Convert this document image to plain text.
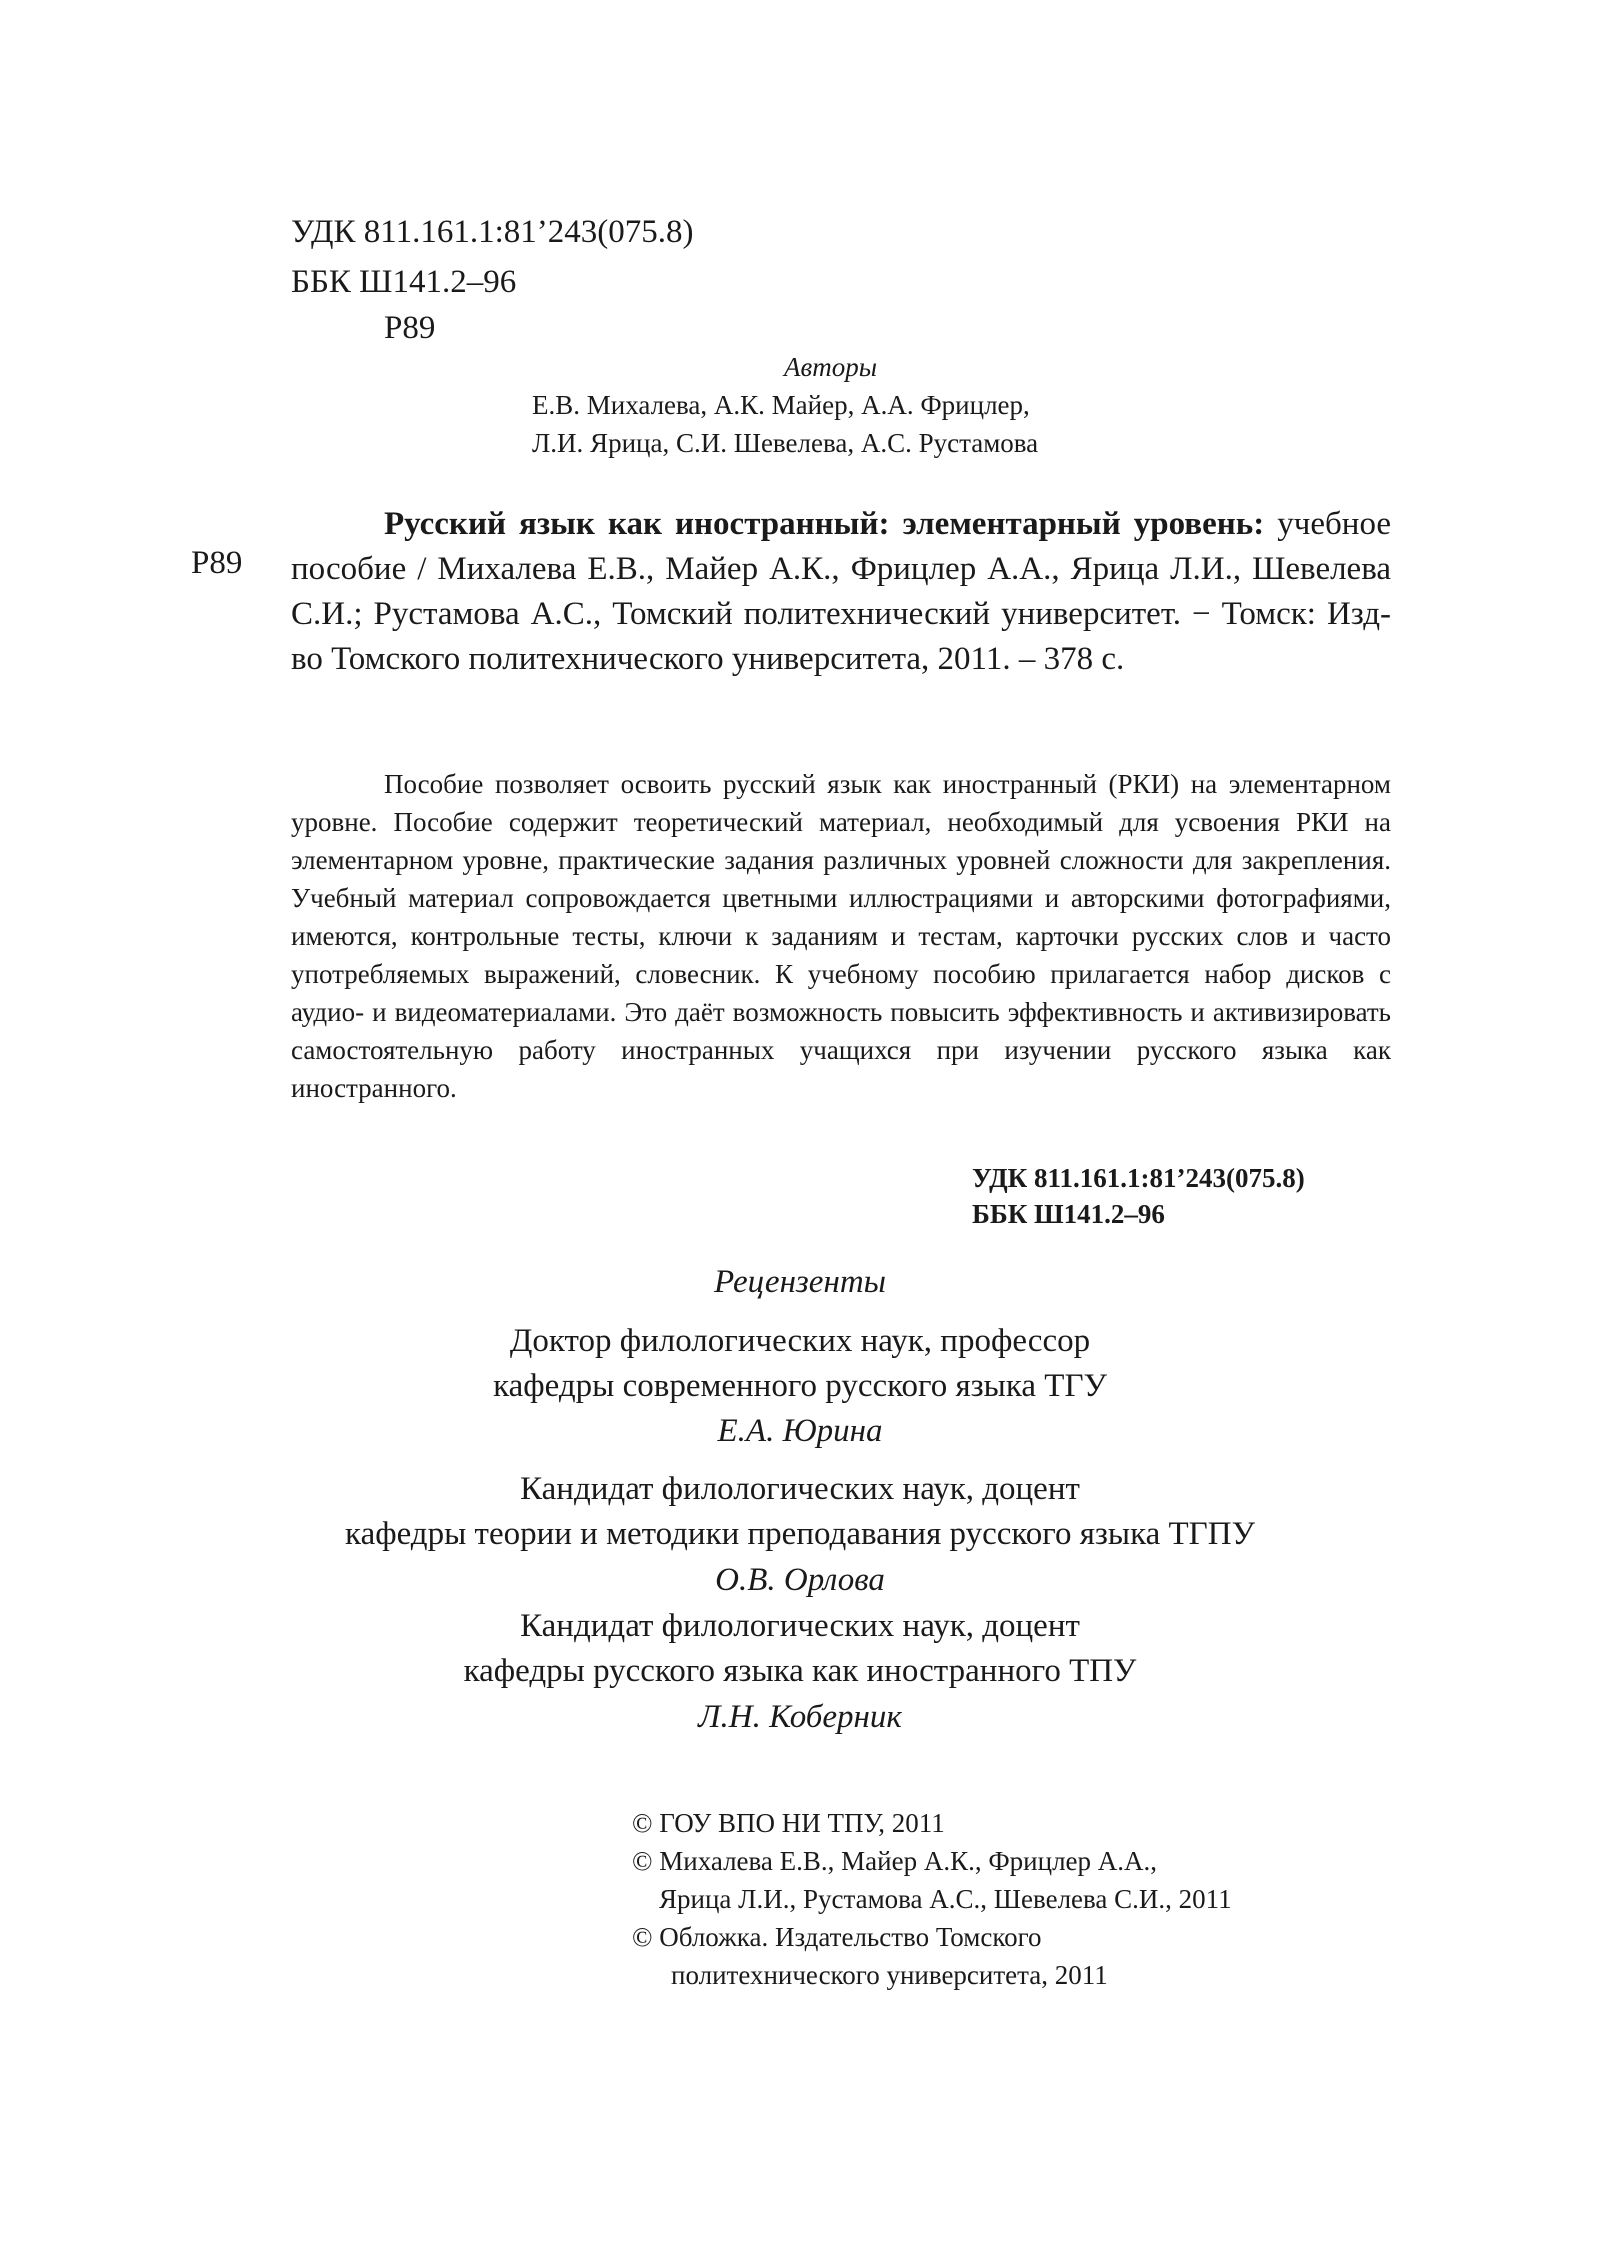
УДК 811.161.1:81’243(075.8)
ББК Ш141.2–96
Р89
Авторы
Е.В. Михалева, А.К. Майер, А.А. Фрицлер,
Л.И. Ярица, С.И. Шевелева, А.С. Рустамова
Р89
Русский язык как иностранный: элементарный уровень: учебное пособие / Михалева Е.В., Майер А.К., Фрицлер А.А., Ярица Л.И., Шевелева С.И.; Рустамова А.С., Томский политехнический университет. − Томск: Изд-во Томского политехнического университета, 2011. – 378 с.
Пособие позволяет освоить русский язык как иностранный (РКИ) на элементарном уровне. Пособие содержит теоретический материал, необходимый для усвоения РКИ на элементарном уровне, практические задания различных уровней сложности для закрепления. Учебный материал сопровождается цветными иллюстрациями и авторскими фотографиями, имеются, контрольные тесты, ключи к заданиям и тестам, карточки русских слов и часто употребляемых выражений, словесник. К учебному пособию прилагается набор дисков с аудио- и видеоматериалами. Это даёт возможность повысить эффективность и активизировать самостоятельную работу иностранных учащихся при изучении русского языка как иностранного.
УДК 811.161.1:81’243(075.8)
ББК Ш141.2–96
Рецензенты
Доктор филологических наук, профессор
кафедры современного русского языка ТГУ
Е.А. Юрина
Кандидат филологических наук, доцент
кафедры теории и методики преподавания русского языка ТГПУ
О.В. Орлова
Кандидат филологических наук, доцент
кафедры русского языка как иностранного ТПУ
Л.Н. Коберник
© ГОУ ВПО НИ ТПУ, 2011
© Михалева Е.В., Майер А.К., Фрицлер А.А.,
Ярица Л.И., Рустамова А.С., Шевелева С.И., 2011
© Обложка. Издательство Томского
политехнического университета, 2011
